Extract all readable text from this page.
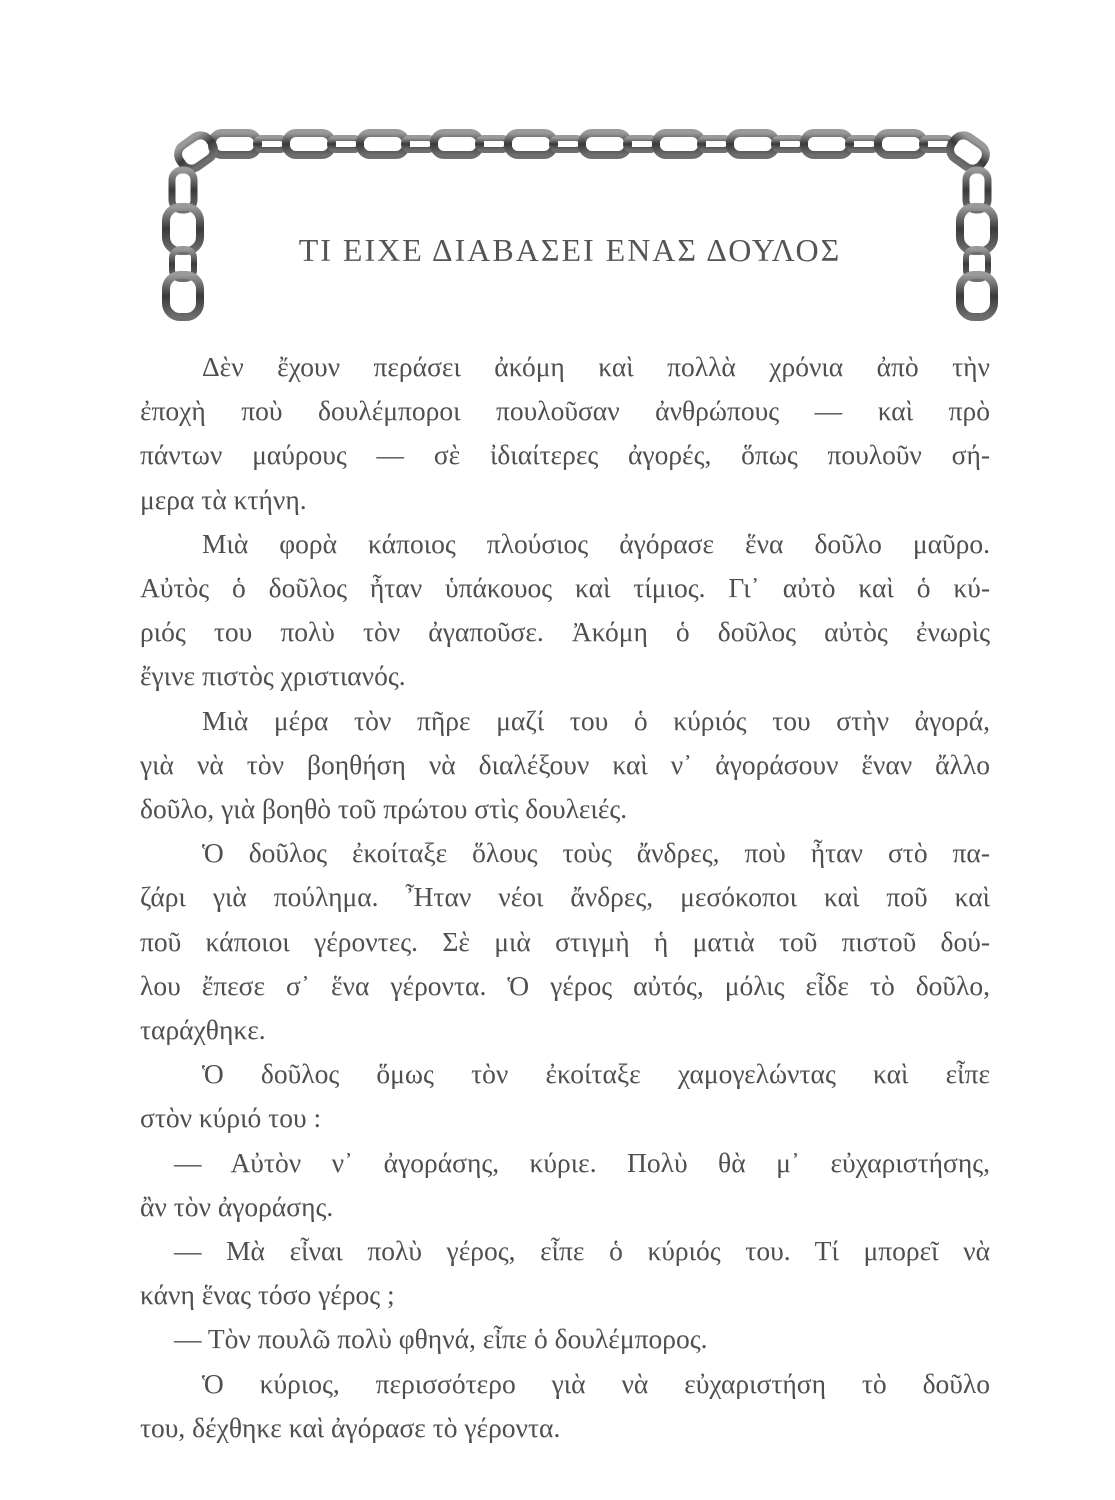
ΤΙ ΕΙΧΕ ΔΙΑΒΑΣΕΙ ΕΝΑΣ ΔΟΥΛΟΣ
Δὲν ἔχουν περάσει ἀκόμη καὶ πολλὰ χρόνια ἀπὸ τὴν
ἐποχὴ ποὺ δουλέμποροι πουλοῦσαν ἀνθρώπους — καὶ πρὸ
πάντων μαύρους — σὲ ἰδιαίτερες ἀγορές, ὅπως πουλοῦν σή-
μερα τὰ κτήνη.
Μιὰ φορὰ κάποιος πλούσιος ἀγόρασε ἕνα δοῦλο μαῦρο.
Αὐτὸς ὁ δοῦλος ἦταν ὑπάκουος καὶ τίμιος. Γι᾿ αὐτὸ καὶ ὁ κύ-
ριός του πολὺ τὸν ἀγαποῦσε. Ἀκόμη ὁ δοῦλος αὐτὸς ἐνωρὶς
ἔγινε πιστὸς χριστιανός.
Μιὰ μέρα τὸν πῆρε μαζί του ὁ κύριός του στὴν ἀγορά,
γιὰ νὰ τὸν βοηθήση νὰ διαλέξουν καὶ ν᾿ ἀγοράσουν ἕναν ἄλλο
δοῦλο, γιὰ βοηθὸ τοῦ πρώτου στὶς δουλειές.
Ὁ δοῦλος ἐκοίταξε ὅλους τοὺς ἄνδρες, ποὺ ἦταν στὸ πα-
ζάρι γιὰ πούλημα. Ἦταν νέοι ἄνδρες, μεσόκοποι καὶ ποῦ καὶ
ποῦ κάποιοι γέροντες. Σὲ μιὰ στιγμὴ ἡ ματιὰ τοῦ πιστοῦ δού-
λου ἔπεσε σ᾿ ἕνα γέροντα. Ὁ γέρος αὐτός, μόλις εἶδε τὸ δοῦλο,
ταράχθηκε.
Ὁ δοῦλος ὅμως τὸν ἐκοίταξε χαμογελώντας καὶ εἶπε
στὸν κύριό του :
— Αὐτὸν ν᾿ ἀγοράσης, κύριε. Πολὺ θὰ μ᾿ εὐχαριστήσης,
ἂν τὸν ἀγοράσης.
— Μὰ εἶναι πολὺ γέρος, εἶπε ὁ κύριός του. Τί μπορεῖ νὰ
κάνη ἕνας τόσο γέρος ;
— Τὸν πουλῶ πολὺ φθηνά, εἶπε ὁ δουλέμπορος.
Ὁ κύριος, περισσότερο γιὰ νὰ εὐχαριστήση τὸ δοῦλο
του, δέχθηκε καὶ ἀγόρασε τὸ γέροντα.
